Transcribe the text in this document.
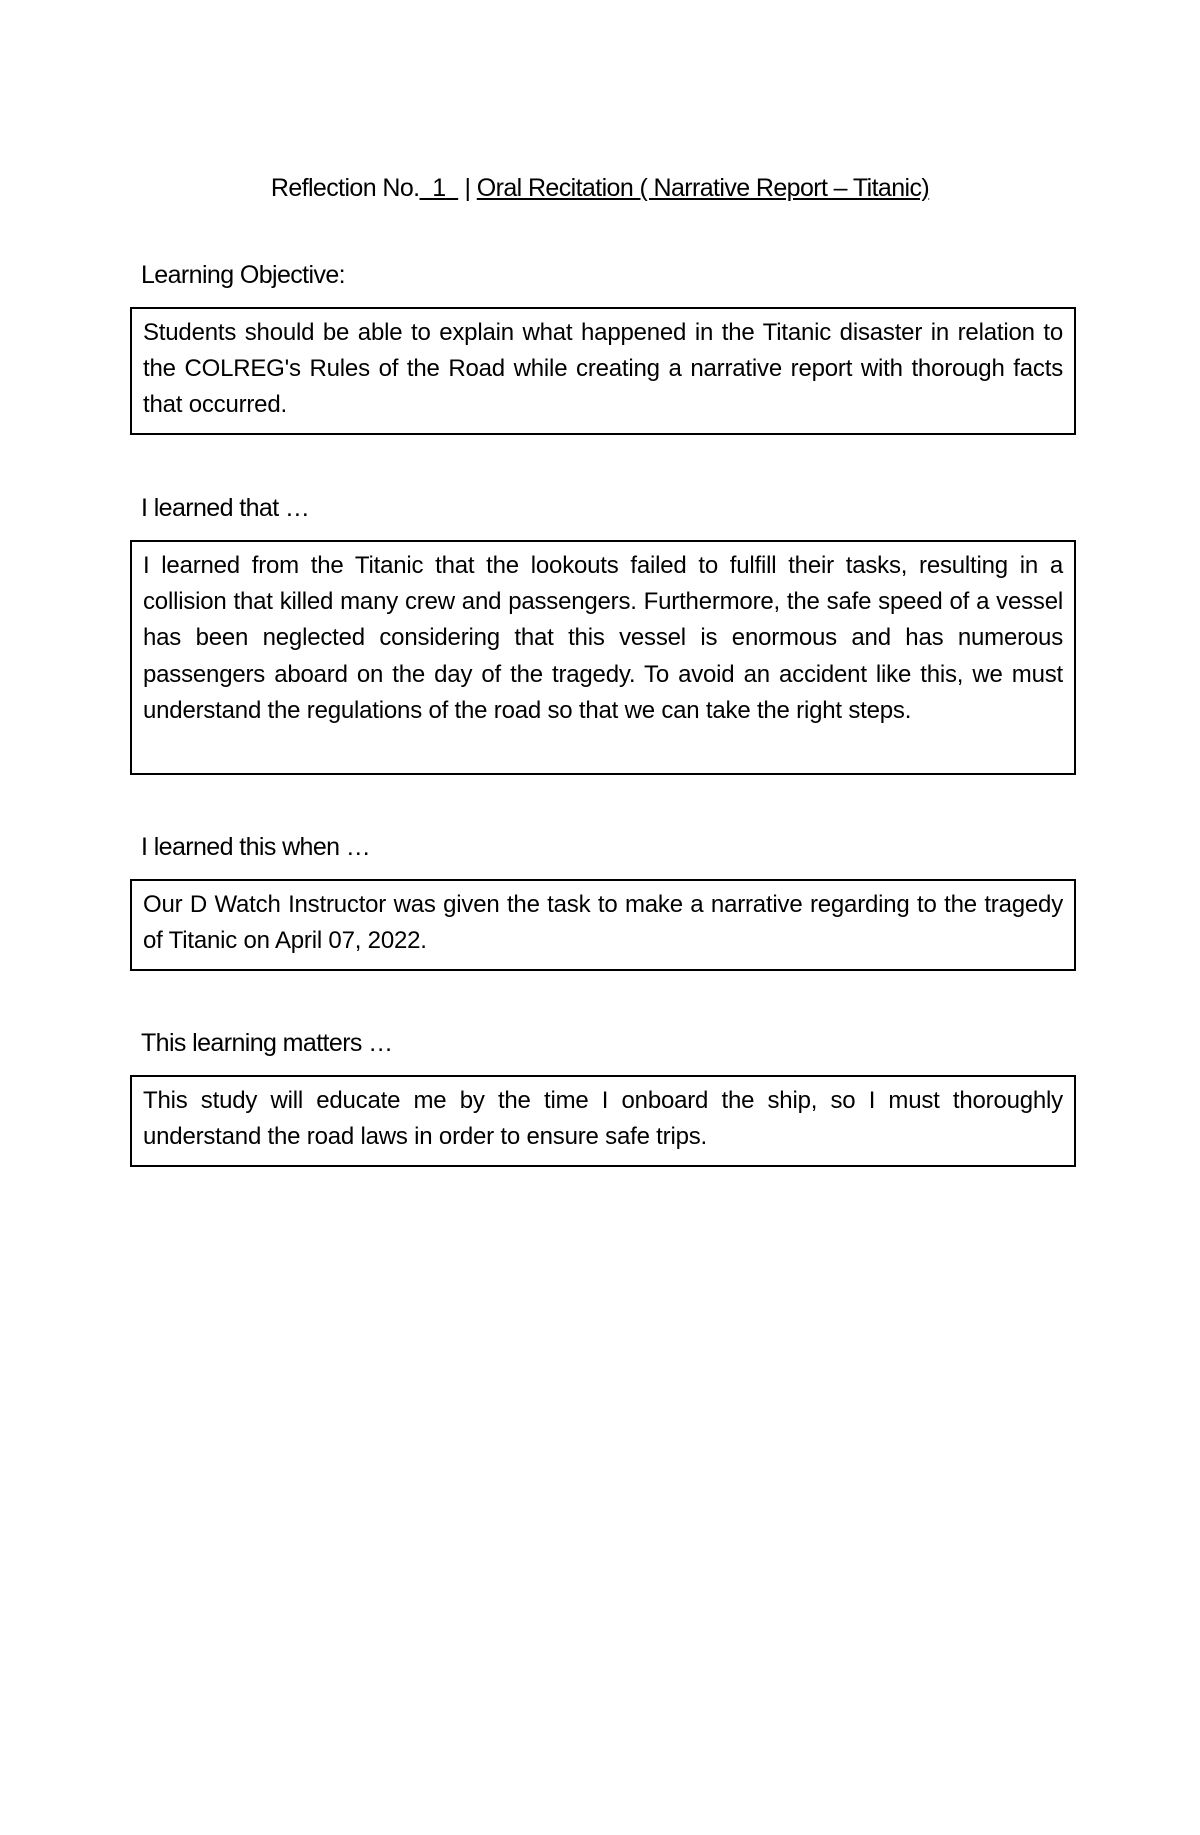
Reflection No.  1   | Oral Recitation ( Narrative Report – Titanic)
Learning Objective:

Students should be able to explain what happened in the Titanic disaster in relation to the COLREG's Rules of the Road while creating a narrative report with thorough facts that occurred.

I learned that …

I learned from the Titanic that the lookouts failed to fulfill their tasks, resulting in a collision that killed many crew and passengers. Furthermore, the safe speed of a vessel has been neglected considering that this vessel is enormous and has numerous passengers aboard on the day of the tragedy. To avoid an accident like this, we must understand the regulations of the road so that we can take the right steps.

I learned this when …

Our D Watch Instructor was given the task to make a narrative regarding to the tragedy of Titanic on April 07, 2022.

This learning matters …

This study will educate me by the time I onboard the ship, so I must thoroughly understand the road laws in order to ensure safe trips.
